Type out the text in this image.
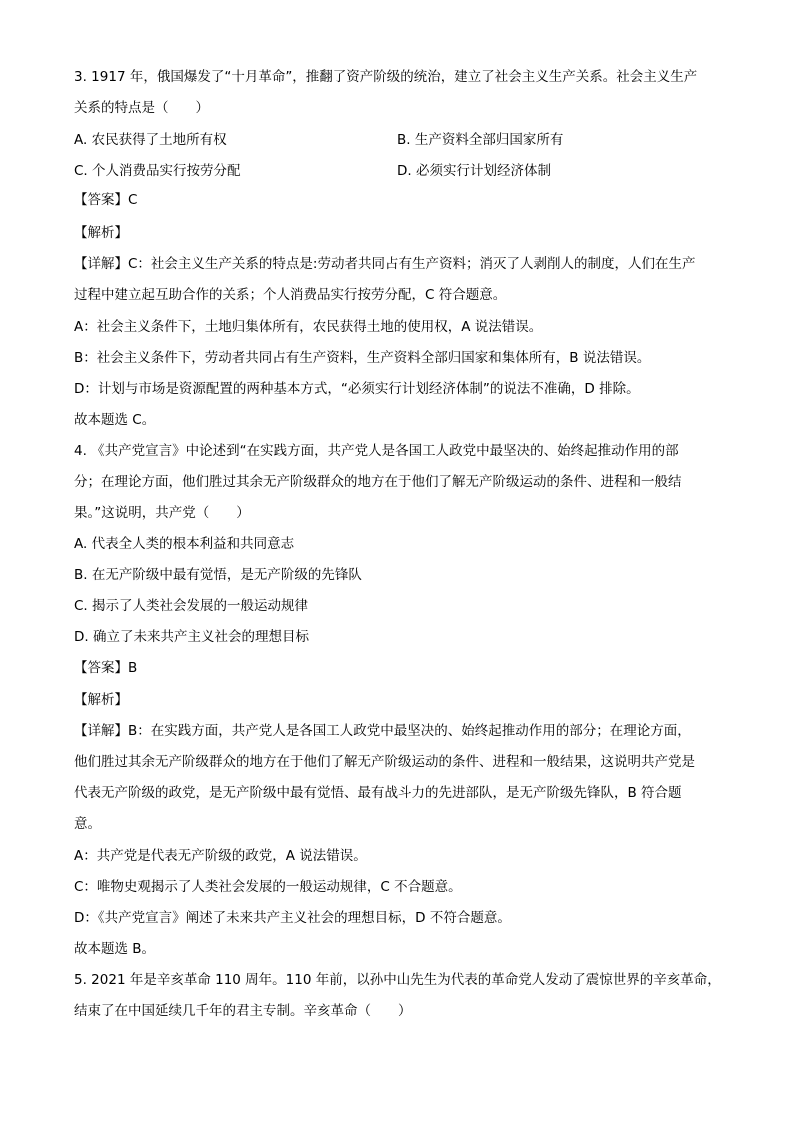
3. 1917 年，俄国爆发了“十月革命”，推翻了资产阶级的统治，建立了社会主义生产关系。社会主义生产
关系的特点是（　　）
A. 农民获得了土地所有权	B. 生产资料全部归国家所有
C. 个人消费品实行按劳分配	D. 必须实行计划经济体制
【答案】C
【解析】
【详解】C：社会主义生产关系的特点是:劳动者共同占有生产资料；消灭了人剥削人的制度，人们在生产
过程中建立起互助合作的关系；个人消费品实行按劳分配，C 符合题意。
A：社会主义条件下，土地归集体所有，农民获得土地的使用权，A 说法错误。
B：社会主义条件下，劳动者共同占有生产资料，生产资料全部归国家和集体所有，B 说法错误。
D：计划与市场是资源配置的两种基本方式，“必须实行计划经济体制”的说法不准确，D 排除。
故本题选 C。
4. 《共产党宣言》中论述到“在实践方面，共产党人是各国工人政党中最坚决的、始终起推动作用的部
分；在理论方面，他们胜过其余无产阶级群众的地方在于他们了解无产阶级运动的条件、进程和一般结
果。”这说明，共产党（　　）
A. 代表全人类的根本利益和共同意志
B. 在无产阶级中最有觉悟，是无产阶级的先锋队
C. 揭示了人类社会发展的一般运动规律
D. 确立了未来共产主义社会的理想目标
【答案】B
【解析】
【详解】B：在实践方面，共产党人是各国工人政党中最坚决的、始终起推动作用的部分；在理论方面，
他们胜过其余无产阶级群众的地方在于他们了解无产阶级运动的条件、进程和一般结果，这说明共产党是
代表无产阶级的政党，是无产阶级中最有觉悟、最有战斗力的先进部队，是无产阶级先锋队，B 符合题
意。
A：共产党是代表无产阶级的政党，A 说法错误。
C：唯物史观揭示了人类社会发展的一般运动规律，C 不合题意。
D：《共产党宣言》阐述了未来共产主义社会的理想目标，D 不符合题意。
故本题选 B。
5. 2021 年是辛亥革命 110 周年。110 年前，以孙中山先生为代表的革命党人发动了震惊世界的辛亥革命，
结束了在中国延续几千年的君主专制。辛亥革命（　　）
